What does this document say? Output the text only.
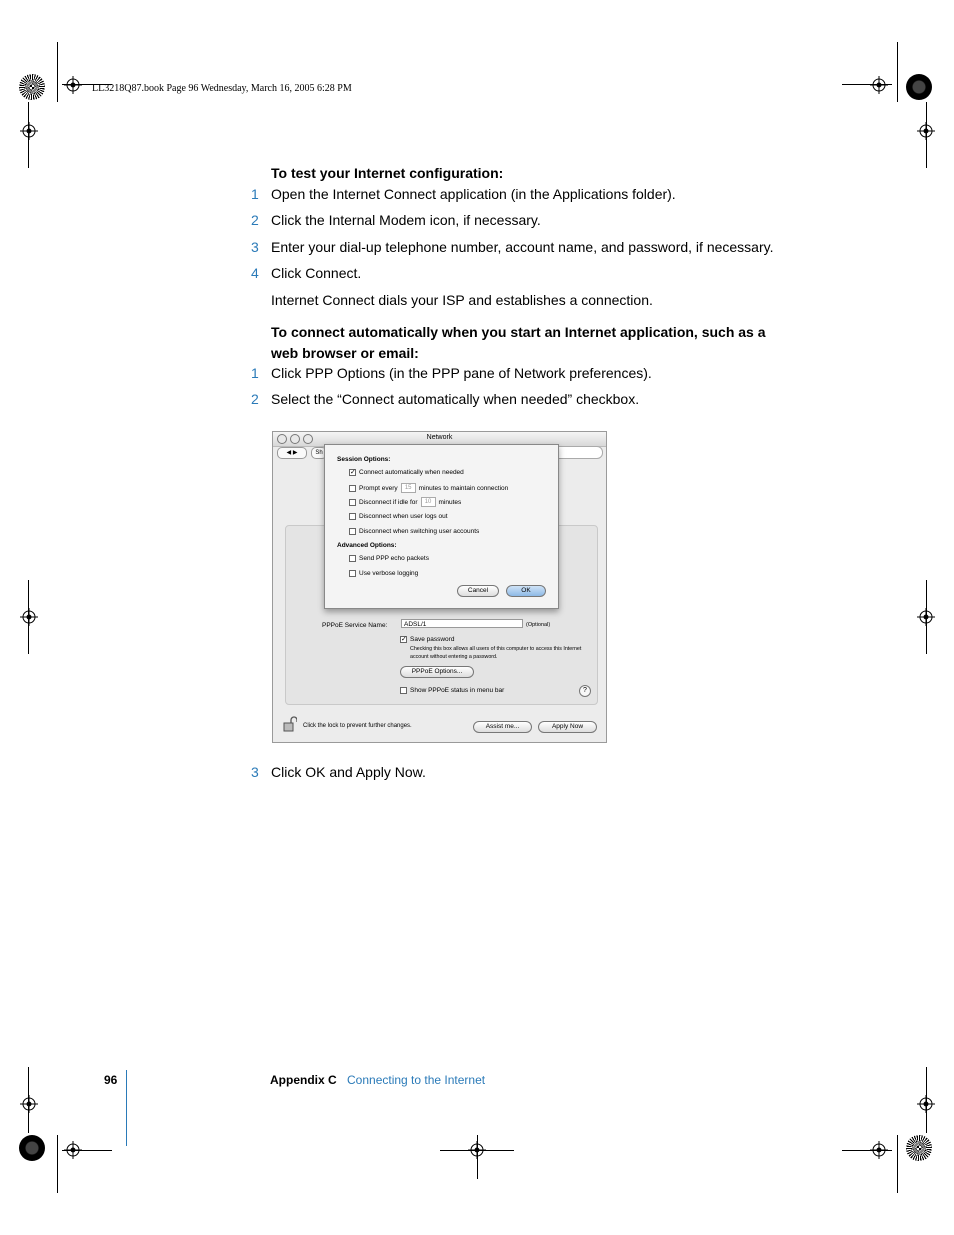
LL3218Q87.book Page 96 Wednesday, March 16, 2005 6:28 PM
To test your Internet configuration:
1 Open the Internet Connect application (in the Applications folder).
2 Click the Internal Modem icon, if necessary.
3 Enter your dial-up telephone number, account name, and password, if necessary.
4 Click Connect.
Internet Connect dials your ISP and establishes a connection.
To connect automatically when you start an Internet application, such as a
web browser or email:
1 Click PPP Options (in the PPP pane of Network preferences).
2 Select the “Connect automatically when needed” checkbox.
Network
◀ ▶	Sh
PPPoE Service Name:	ADSL/1	(Optional)
✓ Save password
Checking this box allows all users of this computer to access this Internet account without entering a password.
PPPoE Options...
Show PPPoE status in menu bar	?
Session Options:
✓ Connect automatically when needed
Prompt every	15	minutes to maintain connection
Disconnect if idle for	10	minutes
Disconnect when user logs out
Disconnect when switching user accounts
Advanced Options:
Send PPP echo packets
Use verbose logging
Cancel	OK
Click the lock to prevent further changes.	Assist me...	Apply Now
3 Click OK and Apply Now.
96	Appendix C Connecting to the Internet
